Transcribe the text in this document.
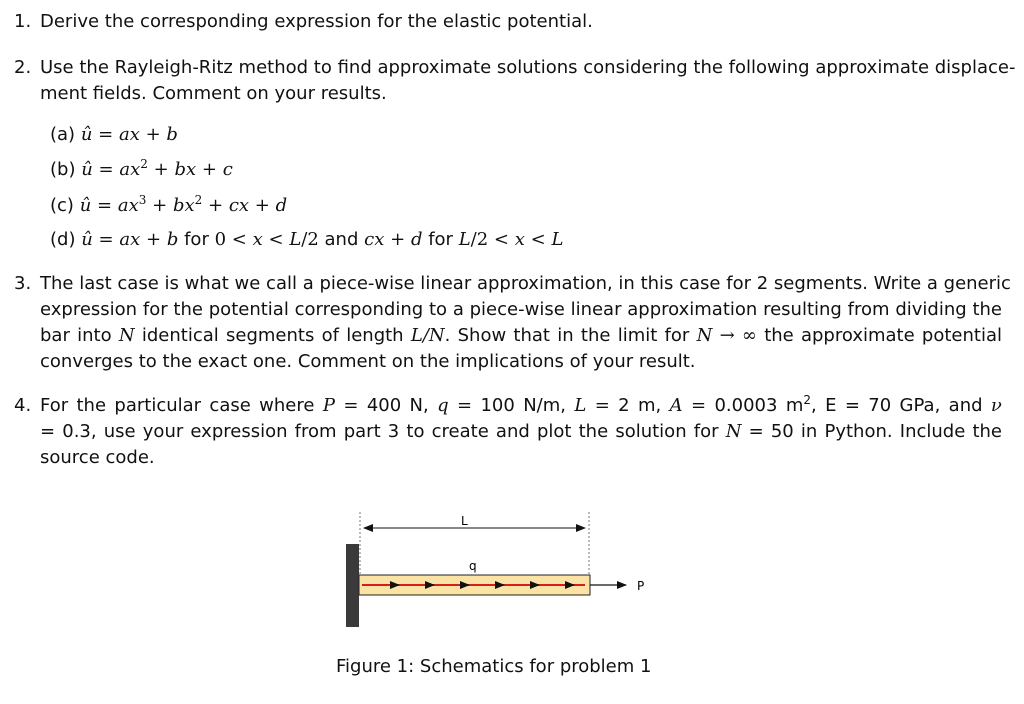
1. Derive the corresponding expression for the elastic potential.
2. Use the Rayleigh-Ritz method to find approximate solutions considering the following approximate displace-
ment fields. Comment on your results.
(a) û = ax + b
(b) û = $ax^2$ + bx + c
(c) û = $ax^3 + bx^2$ + cx + d
(d) û = ax + b for 0 < x < L/2 and cx + d for L/2 < x < L
3. The last case is what we call a piece-wise linear approximation, in this case for 2 segments. Write a generic
expression for the potential corresponding to a piece-wise linear approximation resulting from dividing the
bar into N identical segments of length L/N. Show that in the limit for N → ∞ the approximate potential
converges to the exact one. Comment on the implications of your result.
4. For the particular case where P = 400 N, q = 100 N/m, L = 2 m, A = 0.0003 $m^2$, E = 70 GPa, and ν
= 0.3, use your expression from part 3 to create and plot the solution for N = 50 in Python. Include the
source code.
L
q
P
Figure 1: Schematics for problem 1
